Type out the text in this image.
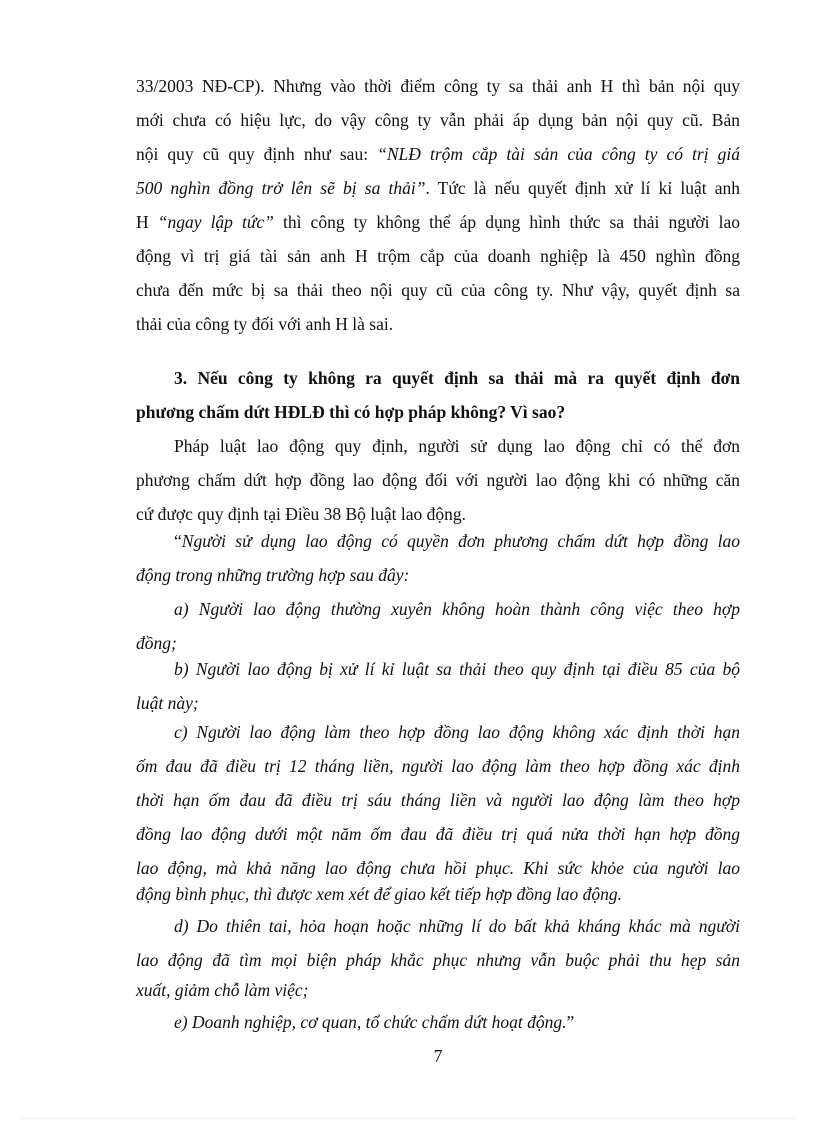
33/2003 NĐ-CP). Nhưng vào thời điểm công ty sa thải anh H thì bản nội quy

mới chưa có hiệu lực, do vậy công ty vẫn phải áp dụng bản nội quy cũ. Bản

nội quy cũ quy định như sau: “NLĐ trộm cắp tài sản của công ty có trị giá

500 nghìn đồng trở lên sẽ bị sa thải”. Tức là nếu quyết định xử lí kỉ luật anh

H “ngay lập tức” thì công ty không thể áp dụng hình thức sa thải người lao

động vì trị giá tài sản anh H trộm cắp của doanh nghiệp là 450 nghìn đồng

chưa đến mức bị sa thải theo nội quy cũ của công ty. Như vậy, quyết định sa

thải của công ty đối với anh H là sai.

3. Nếu công ty không ra quyết định sa thải mà ra quyết định đơn

phương chấm dứt HĐLĐ thì có hợp pháp không? Vì sao?

Pháp luật lao động quy định, người sử dụng lao động chỉ có thể đơn

phương chấm dứt hợp đồng lao động đối với người lao động khi có những căn

cứ được quy định tại Điều 38 Bộ luật lao động.

“Người sử dụng lao động có quyền đơn phương chấm dứt hợp đồng lao

động trong những trường hợp sau đây:

a) Người lao động thường xuyên không hoàn thành công việc theo hợp

đồng;

b) Người lao động bị xử lí kỉ luật sa thải theo quy định tại điều 85 của bộ

luật này;

c) Người lao động làm theo hợp đồng lao động không xác định thời hạn

ốm đau đã điều trị 12 tháng liền, người lao động làm theo hợp đồng xác định

thời hạn ốm đau đã điều trị sáu tháng liền và người lao động làm theo hợp

đồng lao động dưới một năm ốm đau đã điều trị quá nửa thời hạn hợp đồng

lao động, mà khả năng lao động chưa hồi phục. Khi sức khỏe của người lao

động bình phục, thì được xem xét để giao kết tiếp hợp đồng lao động.

d) Do thiên tai, hỏa hoạn hoặc những lí do bất khả kháng khác mà người

lao động đã tìm mọi biện pháp khắc phục nhưng vẫn buộc phải thu hẹp sản

xuất, giảm chỗ làm việc;

e) Doanh nghiệp, cơ quan, tổ chức chấm dứt hoạt động.”

7
